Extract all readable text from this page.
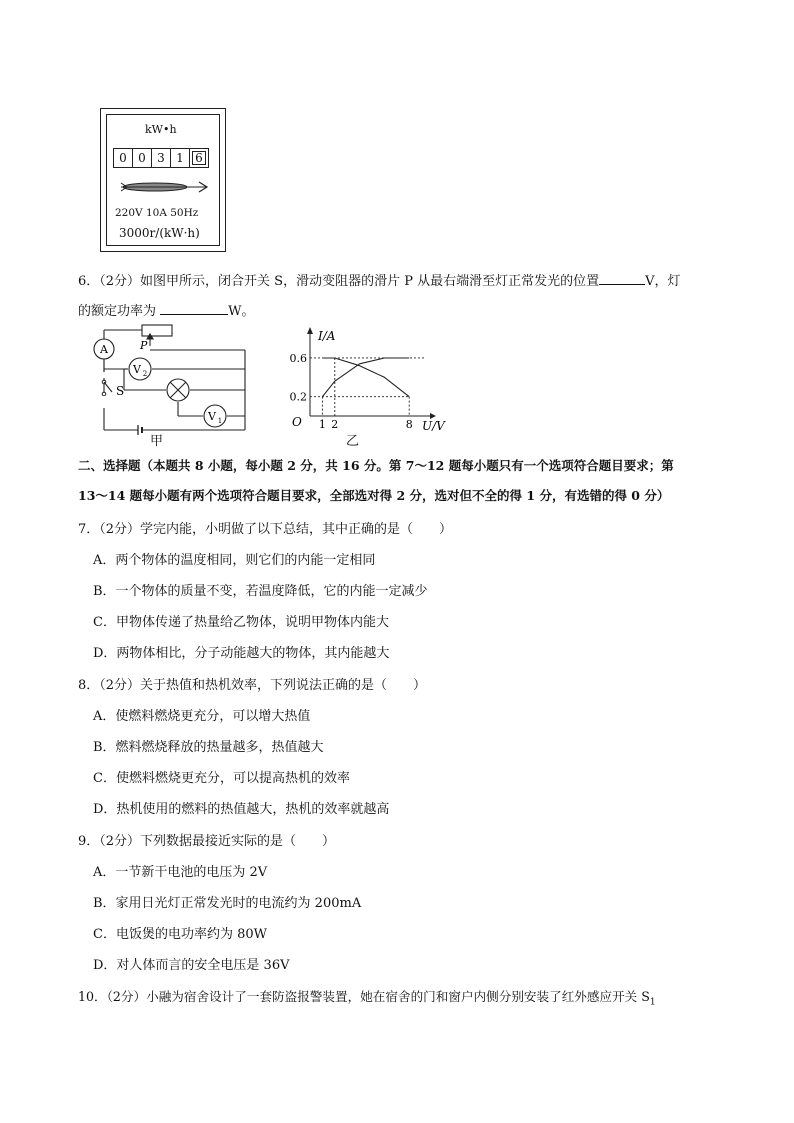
kW•h
0 0 3 1 6
220V 10A 50Hz
3000r/(kW·h)
6．（2分）如图甲所示，闭合开关 S，滑动变阻器的滑片 P 从最右端滑至灯正常发光的位置	V，灯
的额定功率为	W。
A
S
P
V 2
V 1
甲
1 2	8
0.2
0.6
I/A
U/V
O
乙
二、选择题（本题共 8 小题，每小题 2 分，共 16 分。第 7～12 题每小题只有一个选项符合题目要求；第
13～14 题每小题有两个选项符合题目要求，全部选对得 2 分，选对但不全的得 1 分，有选错的得 0 分）
7．（2分）学完内能，小明做了以下总结，其中正确的是（　　）
A．两个物体的温度相同，则它们的内能一定相同
B．一个物体的质量不变，若温度降低，它的内能一定减少
C．甲物体传递了热量给乙物体，说明甲物体内能大
D．两物体相比，分子动能越大的物体，其内能越大
8．（2分）关于热值和热机效率，下列说法正确的是（　　）
A．使燃料燃烧更充分，可以增大热值
B．燃料燃烧释放的热量越多，热值越大
C．使燃料燃烧更充分，可以提高热机的效率
D．热机使用的燃料的热值越大，热机的效率就越高
9．（2分）下列数据最接近实际的是（　　）
A．一节新干电池的电压为 2V
B．家用日光灯正常发光时的电流约为 200mA
C．电饭煲的电功率约为 80W
D．对人体而言的安全电压是 36V
10．（2分）小融为宿舍设计了一套防盗报警装置，她在宿舍的门和窗户内侧分别安装了红外感应开关 $S_1$
